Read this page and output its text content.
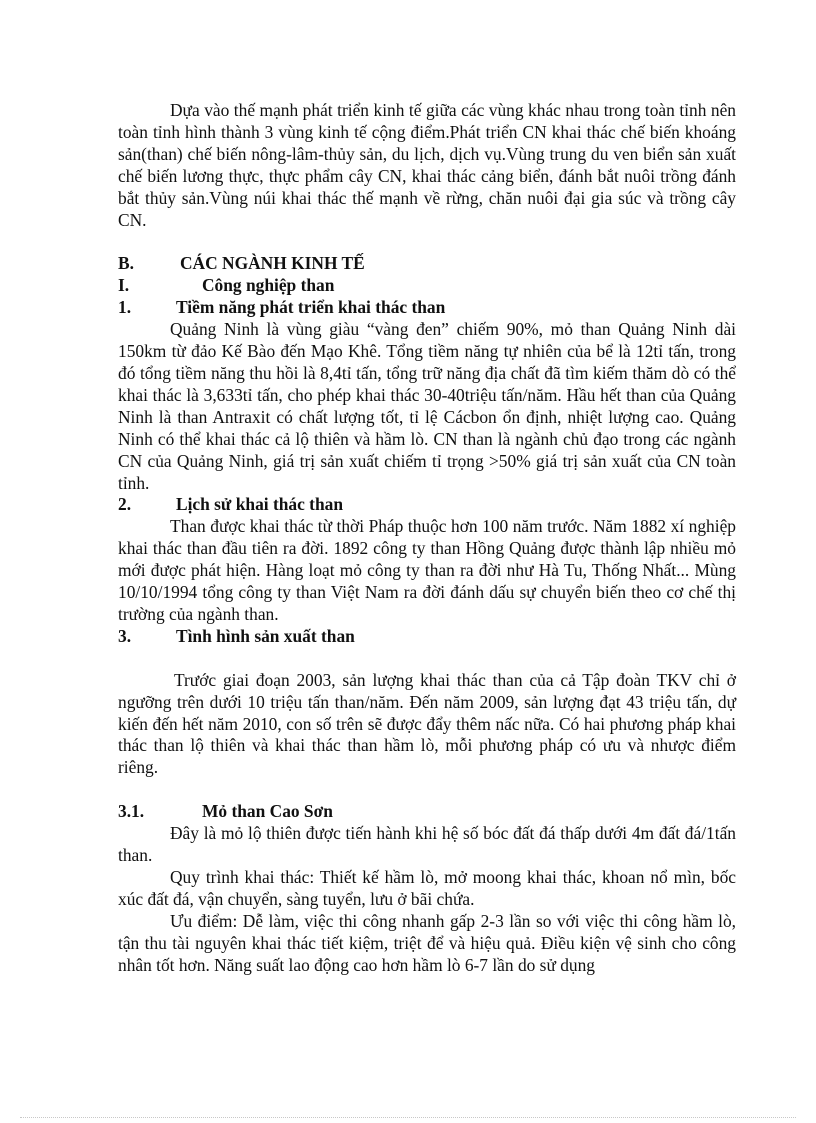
Dựa vào thế mạnh phát triển kinh tế giữa các vùng khác nhau trong toàn tỉnh nên toàn tỉnh hình thành 3 vùng kinh tế cộng điểm.Phát triển CN khai thác chế biến khoáng sản(than) chế biến nông-lâm-thủy sản, du lịch, dịch vụ.Vùng trung du ven biển sản xuất chế biến lương thực, thực phẩm cây CN, khai thác cảng biển, đánh bắt nuôi trồng đánh bắt thủy sản.Vùng núi khai thác thế mạnh về rừng, chăn nuôi đại gia súc và trồng cây CN.

B.	CÁC NGÀNH KINH TẾ

I.	Công nghiệp than

1.	Tiềm năng phát triển khai thác than

Quảng Ninh là vùng giàu “vàng đen” chiếm 90%, mỏ than Quảng Ninh dài 150km từ đảo Kế Bào đến Mạo Khê. Tổng tiềm năng tự nhiên của bể là 12tỉ tấn, trong đó tổng tiềm năng thu hồi là 8,4tỉ tấn, tổng trữ năng địa chất đã tìm kiếm thăm dò có thể khai thác là 3,633tỉ tấn, cho phép khai thác 30-40triệu tấn/năm. Hầu hết than của Quảng Ninh là than Antraxit có chất lượng tốt, tỉ lệ Cácbon ổn định, nhiệt lượng cao. Quảng Ninh có thể khai thác cả lộ thiên và hầm lò. CN than là ngành chủ đạo trong các ngành CN của Quảng Ninh, giá trị sản xuất chiếm tỉ trọng >50% giá trị sản xuất của CN toàn tỉnh.

2.	Lịch sử khai thác than

Than được khai thác từ thời Pháp thuộc hơn 100 năm trước. Năm 1882 xí nghiệp khai thác than đầu tiên ra đời. 1892 công ty than Hồng Quảng được thành lập nhiều mỏ mới được phát hiện. Hàng loạt mỏ công ty than ra đời như Hà Tu, Thống Nhất... Mùng 10/10/1994 tổng công ty than Việt Nam ra đời đánh dấu sự chuyển biến theo cơ chế thị trường của ngành than.

3.	Tình hình sản xuất than

Trước giai đoạn 2003, sản lượng khai thác than của cả Tập đoàn TKV chỉ ở ngưỡng trên dưới 10 triệu tấn than/năm. Đến năm 2009, sản lượng đạt 43 triệu tấn, dự kiến đến hết năm 2010, con số trên sẽ được đẩy thêm nấc nữa. Có hai phương pháp khai thác than lộ thiên và khai thác than hầm lò, mỗi phương pháp có ưu và nhược điểm riêng.

3.1.	Mỏ than Cao Sơn

Đây là mỏ lộ thiên được tiến hành khi hệ số bóc đất đá thấp dưới 4m đất đá/1tấn than.

Quy trình khai thác: Thiết kế hầm lò, mở moong khai thác, khoan nổ mìn, bốc xúc đất đá, vận chuyển, sàng tuyển, lưu ở bãi chứa.

Ưu điểm: Dễ làm, việc thi công nhanh gấp 2-3 lần so với việc thi công hầm lò, tận thu tài nguyên khai thác tiết kiệm, triệt để và hiệu quả. Điều kiện vệ sinh cho công nhân tốt hơn. Năng suất lao động cao hơn hầm lò 6-7 lần do sử dụng
